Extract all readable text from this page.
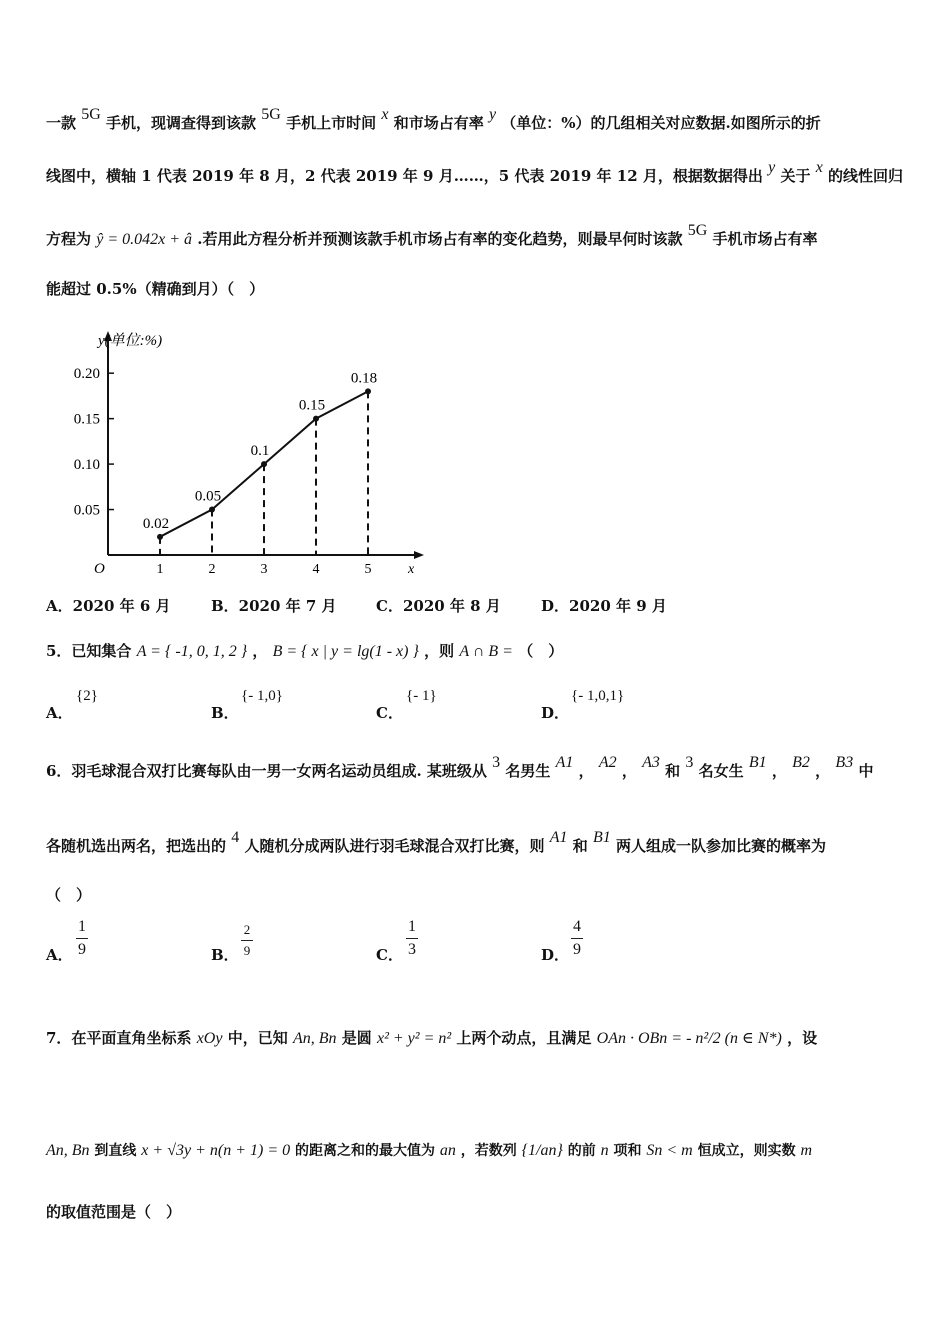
一款 5G 手机，现调查得到该款 5G 手机上市时间 x 和市场占有率 y （单位：%）的几组相关对应数据.如图所示的折
线图中，横轴 1 代表 2019 年 8 月，2 代表 2019 年 9 月……，5 代表 2019 年 12 月，根据数据得出 y 关于 x 的线性回归
方程为 ŷ = 0.042x + â .若用此方程分析并预测该款手机市场占有率的变化趋势，则最早何时该款 5G 手机市场占有率
能超过 0.5%（精确到月）（　）
y(单位:%)
x
O
0.05
0.10
0.15
0.20
1	2	3	4	5
0.02
0.05
0.1
0.15
0.18
A．2020 年 6 月	B．2020 年 7 月	C．2020 年 8 月	D．2020 年 9 月
5．已知集合 A = { -1, 0, 1, 2 } ， B = { x | y = lg(1 - x) } ，则 A ∩ B = （　）
A．
{2}
B．
{- 1,0}
C．
{- 1}
D．
{- 1,0,1}
6．羽毛球混合双打比赛每队由一男一女两名运动员组成. 某班级从 3 名男生 A1 ， A2 ， A3 和 3 名女生 B1 ， B2 ， B3 中
各随机选出两名，把选出的 4 人随机分成两队进行羽毛球混合双打比赛，则 A1 和 B1 两人组成一队参加比赛的概率为
（　）
A．
1
9	B．
2
9	C．
1
3	D．
4
9
7．在平面直角坐标系 xOy 中，已知 An, Bn 是圆 x² + y² = n² 上两个动点，且满足 OAn · OBn = - n²/2 (n ∈ N*) ，设
An, Bn 到直线 x + √3y + n(n + 1) = 0 的距离之和的最大值为 an ，若数列 {1/an} 的前 n 项和 Sn < m 恒成立，则实数 m
的取值范围是（　）
